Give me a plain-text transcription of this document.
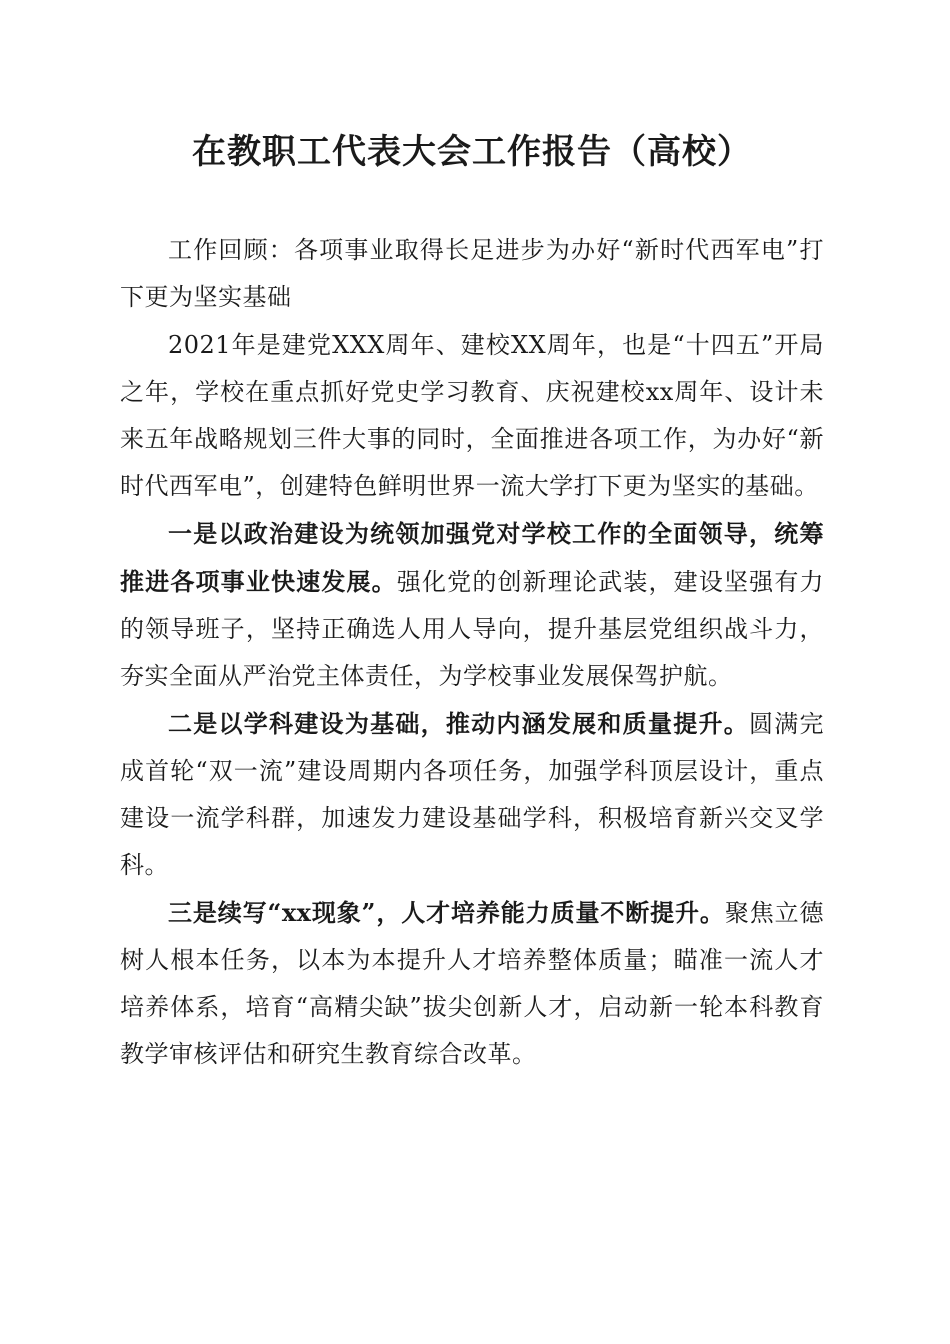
在教职工代表大会工作报告（高校）

工作回顾：各项事业取得长足进步为办好“新时代西军电”打下更为坚实基础

2021年是建党XXX周年、建校XX周年，也是“十四五”开局之年，学校在重点抓好党史学习教育、庆祝建校xx周年、设计未来五年战略规划三件大事的同时，全面推进各项工作，为办好“新时代西军电”，创建特色鲜明世界一流大学打下更为坚实的基础。

一是以政治建设为统领加强党对学校工作的全面领导，统筹推进各项事业快速发展。强化党的创新理论武装，建设坚强有力的领导班子，坚持正确选人用人导向，提升基层党组织战斗力，夯实全面从严治党主体责任，为学校事业发展保驾护航。

二是以学科建设为基础，推动内涵发展和质量提升。圆满完成首轮“双一流”建设周期内各项任务，加强学科顶层设计，重点建设一流学科群，加速发力建设基础学科，积极培育新兴交叉学科。

三是续写“xx现象”，人才培养能力质量不断提升。聚焦立德树人根本任务，以本为本提升人才培养整体质量；瞄准一流人才培养体系，培育“高精尖缺”拔尖创新人才，启动新一轮本科教育教学审核评估和研究生教育综合改革。
